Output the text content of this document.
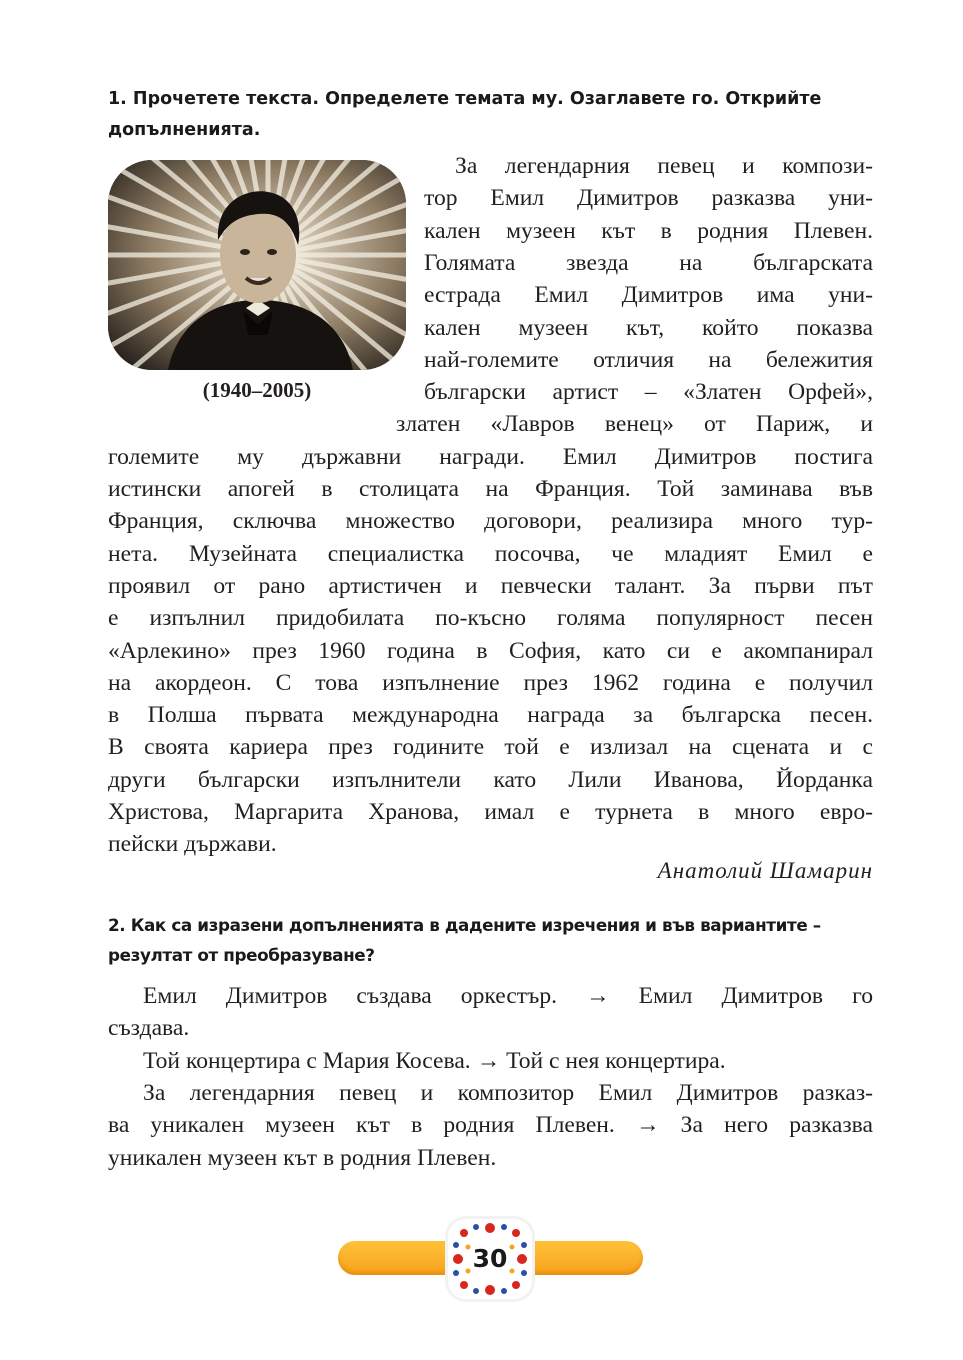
1. Прочетете текста. Определете темата му. Озаглавете го. Открийте допълненията.
(1940–2005)
За легендарния певец и компози-
тор Емил Димитров разказва уни-
кален музеен кът в родния Плевен.
Голямата звезда на българската
естрада Емил Димитров има уни-
кален музеен кът, който показва
най-големите отличия на бележития
български артист – «Златен Орфей»,
златен «Лавров венец» от Париж, и
големите му държавни награди. Емил Димитров постига
истински апогей в столицата на Франция. Той заминава във
Франция, сключва множество договори, реализира много тур-
нета. Музейната специалистка посочва, че младият Емил е
проявил от рано артистичен и певчески талант. За първи път
е изпълнил придобилата по-късно голяма популярност песен
«Арлекино» през 1960 година в София, като си е акомпанирал
на акордеон. С това изпълнение през 1962 година е получил
в Полша първата международна награда за българска песен.
В своята кариера през годините той е излизал на сцената и с
други български изпълнители като Лили Иванова, Йорданка
Христова, Маргарита Хранова, имал е турнета в много евро-
пейски държави.
Анатолий Шамарин
2. Как са изразени допълненията в дадените изречения и във вариантите – резултат от преобразуване?
Емил Димитров създава оркестър. → Емил Димитров го
създава.
Той концертира с Мария Косева. → Той с нея концертира.
За легендарния певец и композитор Емил Димитров разказ-
ва уникален музеен кът в родния Плевен. → За него разказва
уникален музеен кът в родния Плевен.
30
